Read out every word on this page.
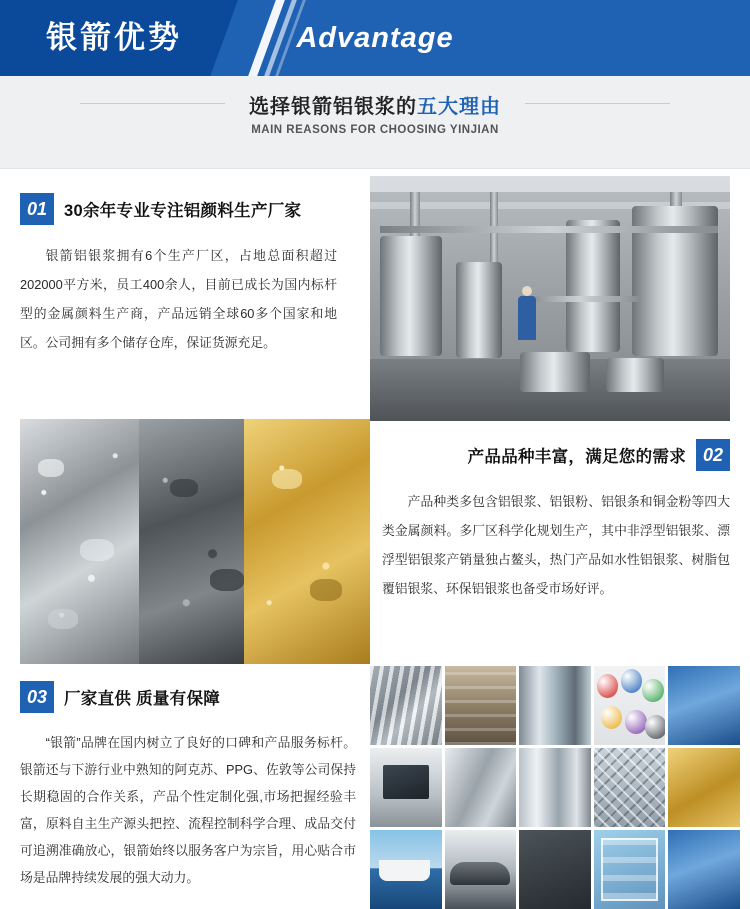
Advantage
银箭优势
选择银箭铝银浆的五大理由
MAIN REASONS FOR CHOOSING YINJIAN
01	30余年专业专注铝颜料生产厂家
银箭铝银浆拥有6个生产厂区，占地总面积超过202000平方米，员工400余人，目前已成长为国内标杆型的金属颜料生产商，产品远销全球60多个国家和地区。公司拥有多个储存仓库，保证货源充足。
产品品种丰富，满足您的需求 02
产品种类多包含铝银浆、铝银粉、铝银条和铜金粉等四大类金属颜料。多厂区科学化规划生产，其中非浮型铝银浆、漂浮型铝银浆产销量独占鳌头，热门产品如水性铝银浆、树脂包覆铝银浆、环保铝银浆也备受市场好评。
03	厂家直供 质量有保障
“银箭”品牌在国内树立了良好的口碑和产品服务标杆。银箭还与下游行业中熟知的阿克苏、PPG、佐敦等公司保持长期稳固的合作关系，产品个性定制化强,市场把握经验丰富，原料自主生产源头把控、流程控制科学合理、成品交付可追溯准确放心，银箭始终以服务客户为宗旨，用心贴合市场是品牌持续发展的强大动力。
